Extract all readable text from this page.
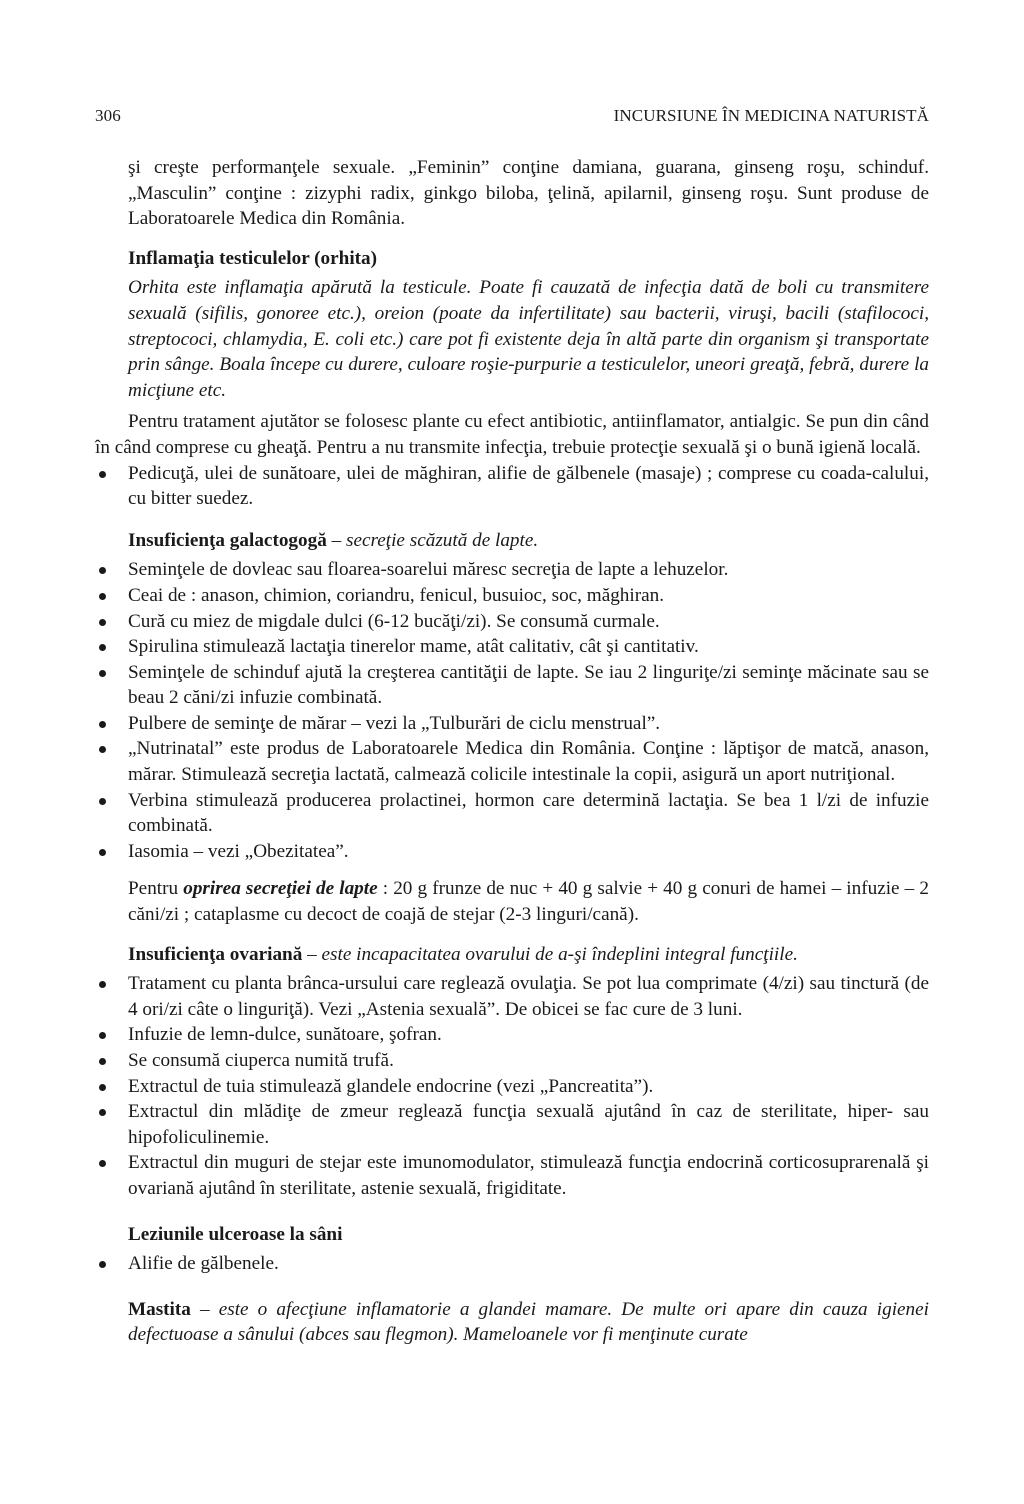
306	INCURSIUNE ÎN MEDICINA NATURISTĂ

şi creşte performanţele sexuale. „Feminin” conţine damiana, guarana, ginseng roşu, schinduf. „Masculin” conţine : zizyphi radix, ginkgo biloba, ţelină, apilarnil, ginseng roşu. Sunt produse de Laboratoarele Medica din România.

Inflamaţia testiculelor (orhita)

Orhita este inflamaţia apărută la testicule. Poate fi cauzată de infecţia dată de boli cu transmitere sexuală (sifilis, gonoree etc.), oreion (poate da infertilitate) sau bacterii, viruşi, bacili (stafilococi, streptococi, chlamydia, E. coli etc.) care pot fi existente deja în altă parte din organism şi transportate prin sânge. Boala începe cu durere, culoare roşie-purpurie a testiculelor, uneori greaţă, febră, durere la micţiune etc.

Pentru tratament ajutător se folosesc plante cu efect antibiotic, antiinflamator, antialgic. Se pun din când în când comprese cu gheaţă. Pentru a nu transmite infecţia, trebuie protecţie sexuală şi o bună igienă locală.

Pedicuţă, ulei de sunătoare, ulei de măghiran, alifie de gălbenele (masaje) ; comprese cu coada-calului, cu bitter suedez.

Insuficienţa galactogogă – secreţie scăzută de lapte.

Seminţele de dovleac sau floarea-soarelui măresc secreţia de lapte a lehuzelor.
Ceai de : anason, chimion, coriandru, fenicul, busuioc, soc, măghiran.
Cură cu miez de migdale dulci (6-12 bucăţi/zi). Se consumă curmale.
Spirulina stimulează lactaţia tinerelor mame, atât calitativ, cât şi cantitativ.
Seminţele de schinduf ajută la creşterea cantităţii de lapte. Se iau 2 linguriţe/zi seminţe măcinate sau se beau 2 căni/zi infuzie combinată.
Pulbere de seminţe de mărar – vezi la „Tulburări de ciclu menstrual”.
„Nutrinatal” este produs de Laboratoarele Medica din România. Conţine : lăptişor de matcă, anason, mărar. Stimulează secreţia lactată, calmează colicile intestinale la copii, asigură un aport nutriţional.
Verbina stimulează producerea prolactinei, hormon care determină lactaţia. Se bea 1 l/zi de infuzie combinată.
Iasomia – vezi „Obezitatea”.

Pentru oprirea secreţiei de lapte : 20 g frunze de nuc + 40 g salvie + 40 g conuri de hamei – infuzie – 2 căni/zi ; cataplasme cu decoct de coajă de stejar (2-3 linguri/cană).

Insuficienţa ovariană – este incapacitatea ovarului de a-şi îndeplini integral funcţiile.

Tratament cu planta brânca-ursului care reglează ovulaţia. Se pot lua comprimate (4/zi) sau tinctură (de 4 ori/zi câte o linguriţă). Vezi „Astenia sexuală”. De obicei se fac cure de 3 luni.
Infuzie de lemn-dulce, sunătoare, şofran.
Se consumă ciuperca numită trufă.
Extractul de tuia stimulează glandele endocrine (vezi „Pancreatita”).
Extractul din mlădiţe de zmeur reglează funcţia sexuală ajutând în caz de sterilitate, hiper- sau hipofoliculinemie.
Extractul din muguri de stejar este imunomodulator, stimulează funcţia endocrină corticosuprarenală şi ovariană ajutând în sterilitate, astenie sexuală, frigiditate.

Leziunile ulceroase la sâni

Alifie de gălbenele.

Mastita – este o afecţiune inflamatorie a glandei mamare. De multe ori apare din cauza igienei defectuoase a sânului (abces sau flegmon). Mameloanele vor fi menţinute curate
